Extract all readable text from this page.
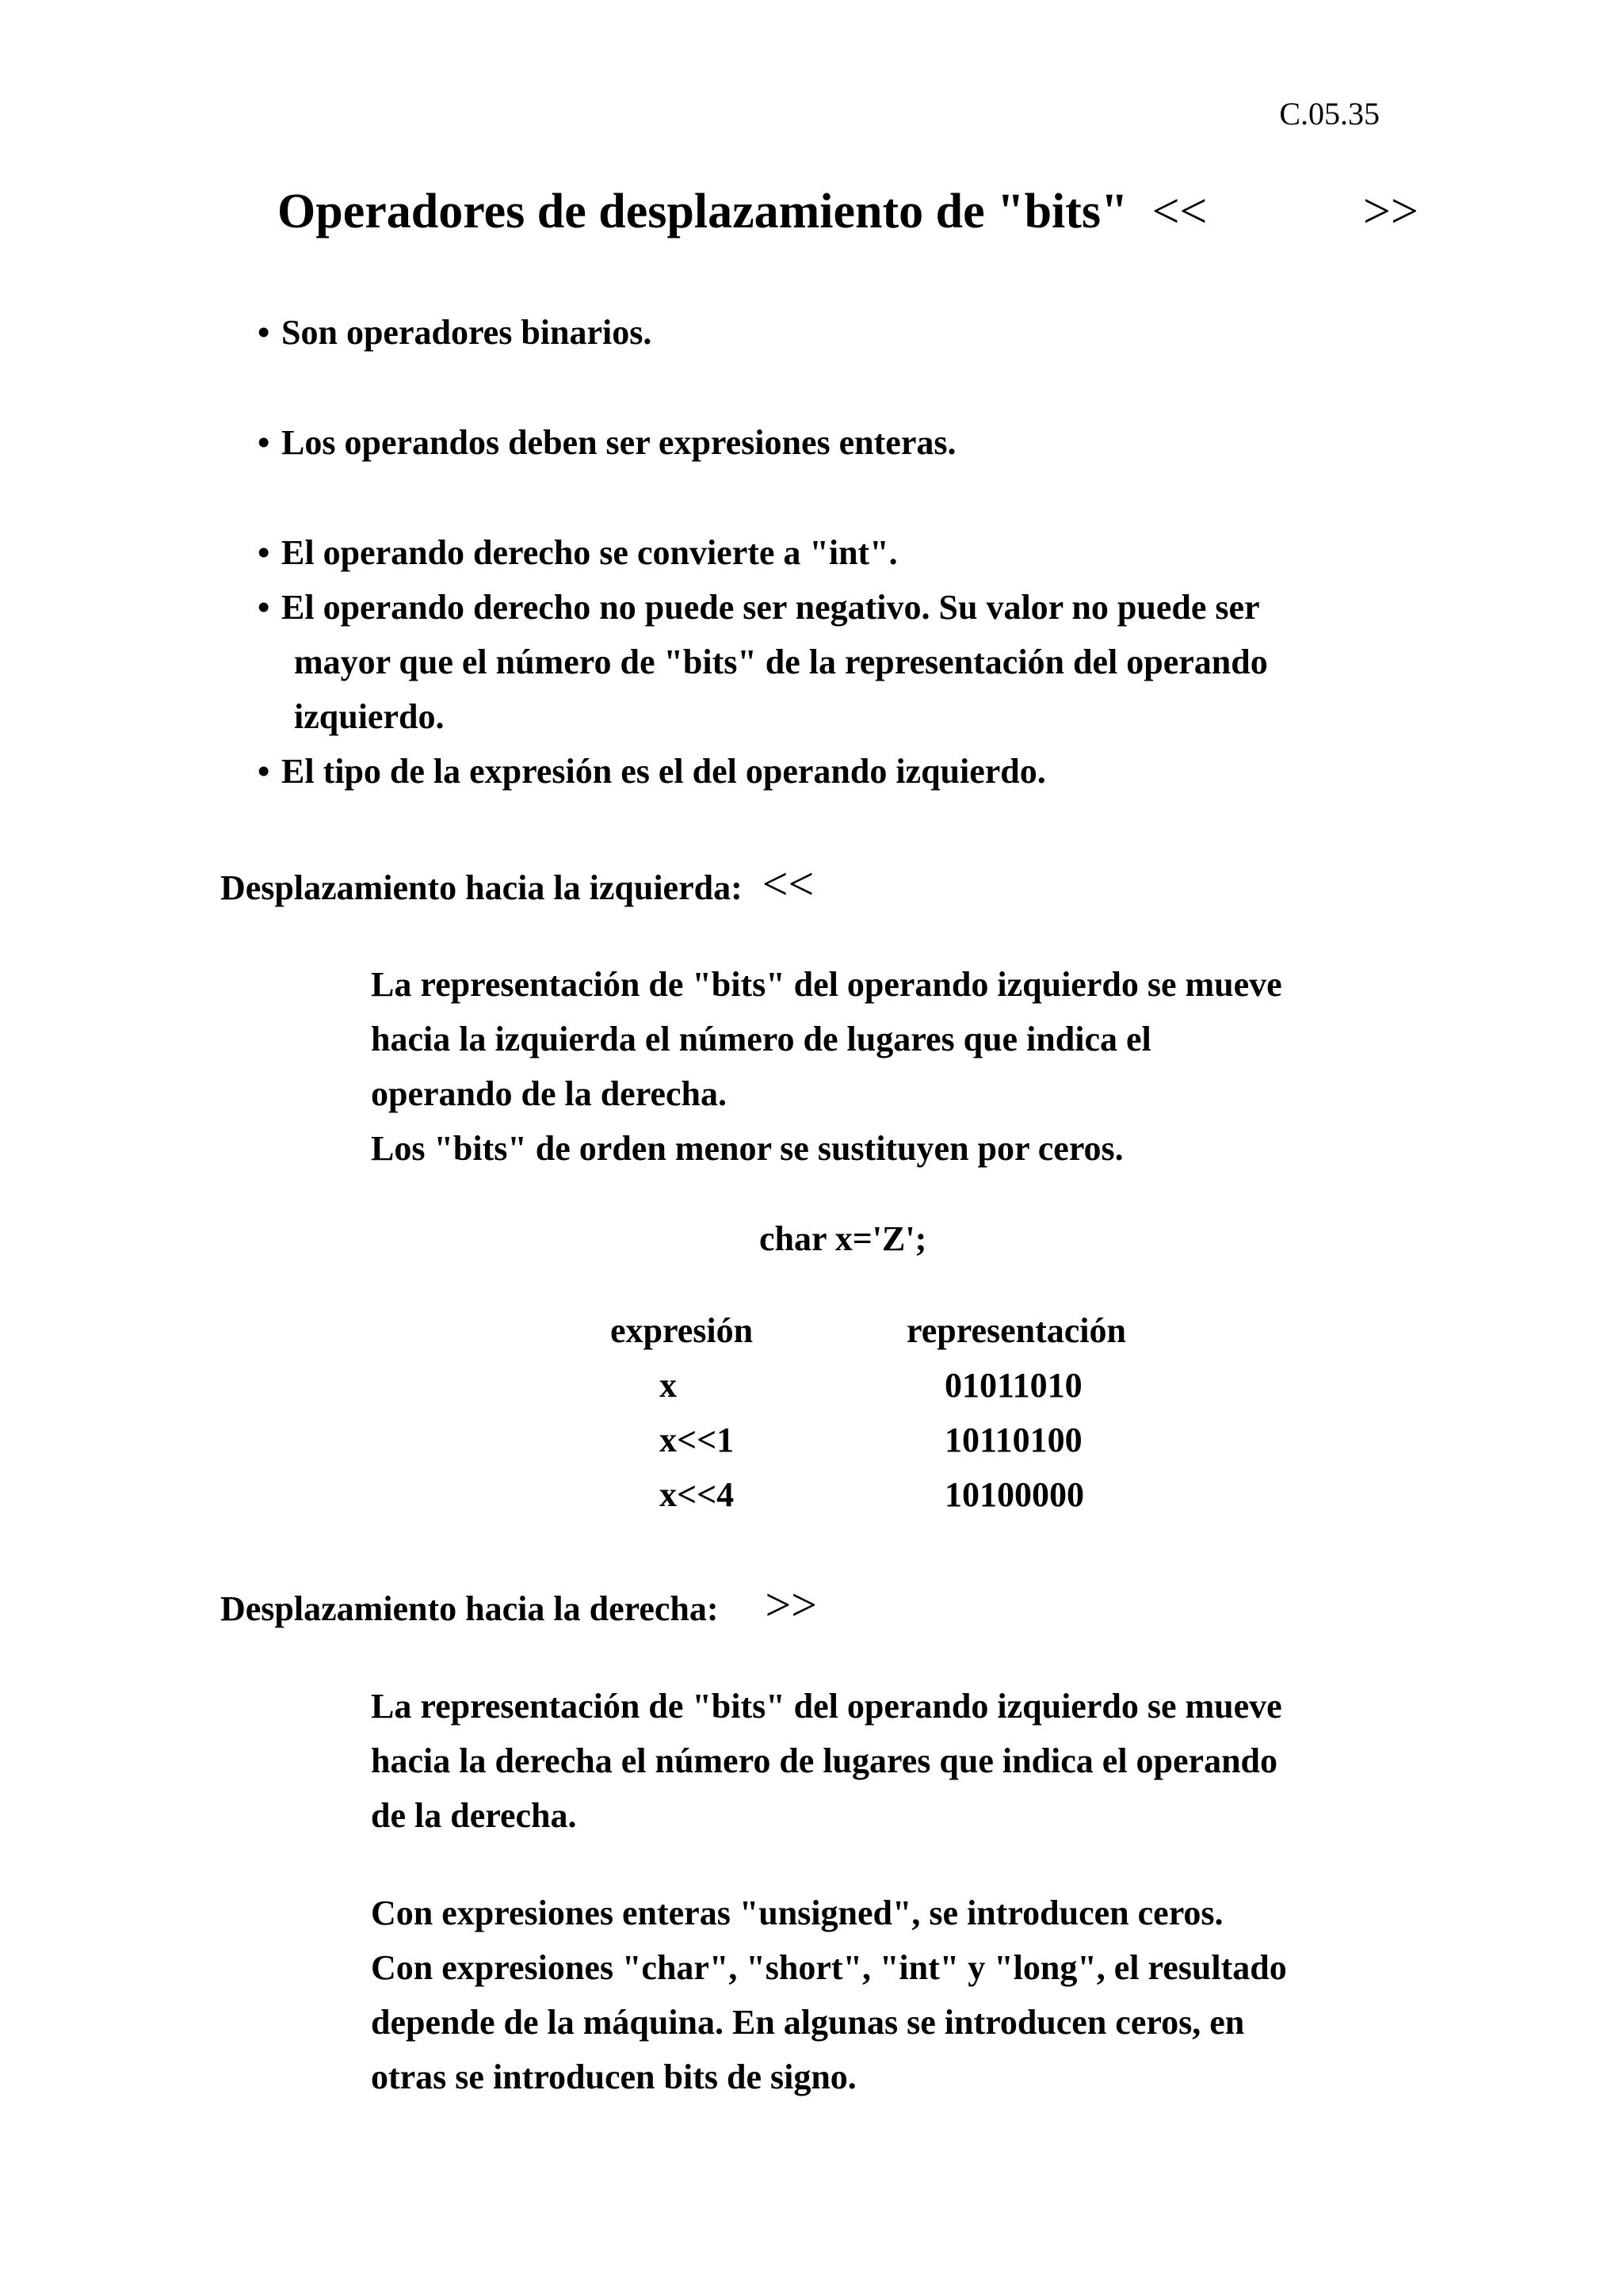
C.05.35
Operadores de desplazamiento de "bits" <<   >>
• Son operadores binarios.
• Los operandos deben ser expresiones enteras.
• El operando derecho se convierte a "int".
• El operando derecho no puede ser negativo. Su valor no puede ser
mayor que el número de "bits" de la representación del operando
izquierdo.
• El tipo de la expresión es el del operando izquierdo.
Desplazamiento hacia la izquierda: <<
La representación de "bits" del operando izquierdo se mueve
hacia la izquierda el número de lugares que indica el
operando de la derecha.
Los "bits" de orden menor se sustituyen por ceros.
char x='Z';
expresión	representación
x	01011010
x<<1	10110100
x<<4	10100000
Desplazamiento hacia la derecha: >>
La representación de "bits" del operando izquierdo se mueve
hacia la derecha el número de lugares que indica el operando
de la derecha.
Con expresiones enteras "unsigned", se introducen ceros.
Con expresiones "char", "short", "int" y "long", el resultado
depende de la máquina. En algunas se introducen ceros, en
otras se introducen bits de signo.
